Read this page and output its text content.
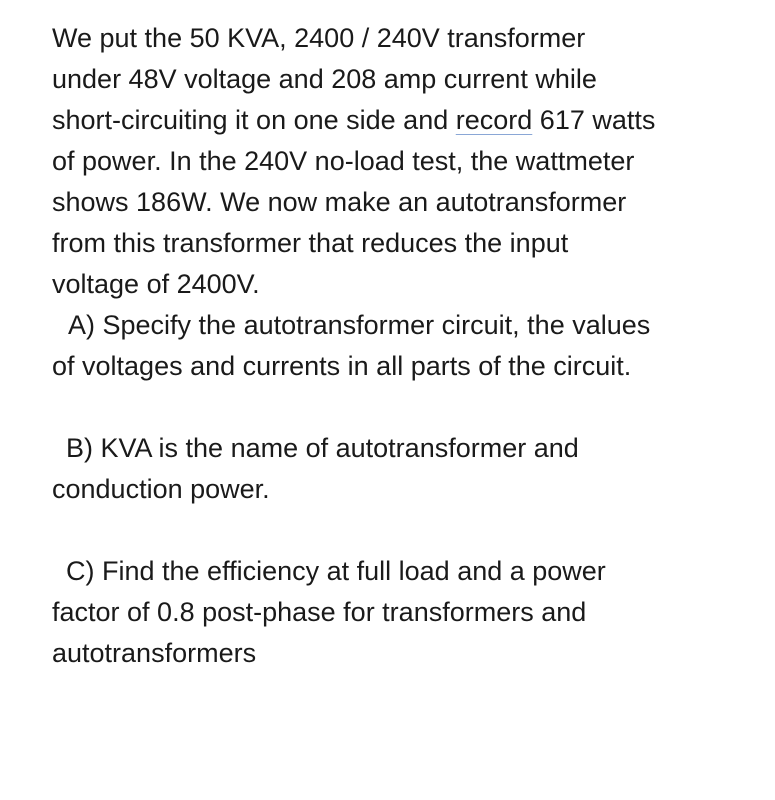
We put the 50 KVA, 2400 / 240V transformer
under 48V voltage and 208 amp current while
short-circuiting it on one side and record 617 watts
of power. In the 240V no-load test, the wattmeter
shows 186W. We now make an autotransformer
from this transformer that reduces the input
voltage of 2400V.
A) Specify the autotransformer circuit, the values
of voltages and currents in all parts of the circuit.
B) KVA is the name of autotransformer and
conduction power.
C) Find the efficiency at full load and a power
factor of 0.8 post-phase for transformers and
autotransformers
